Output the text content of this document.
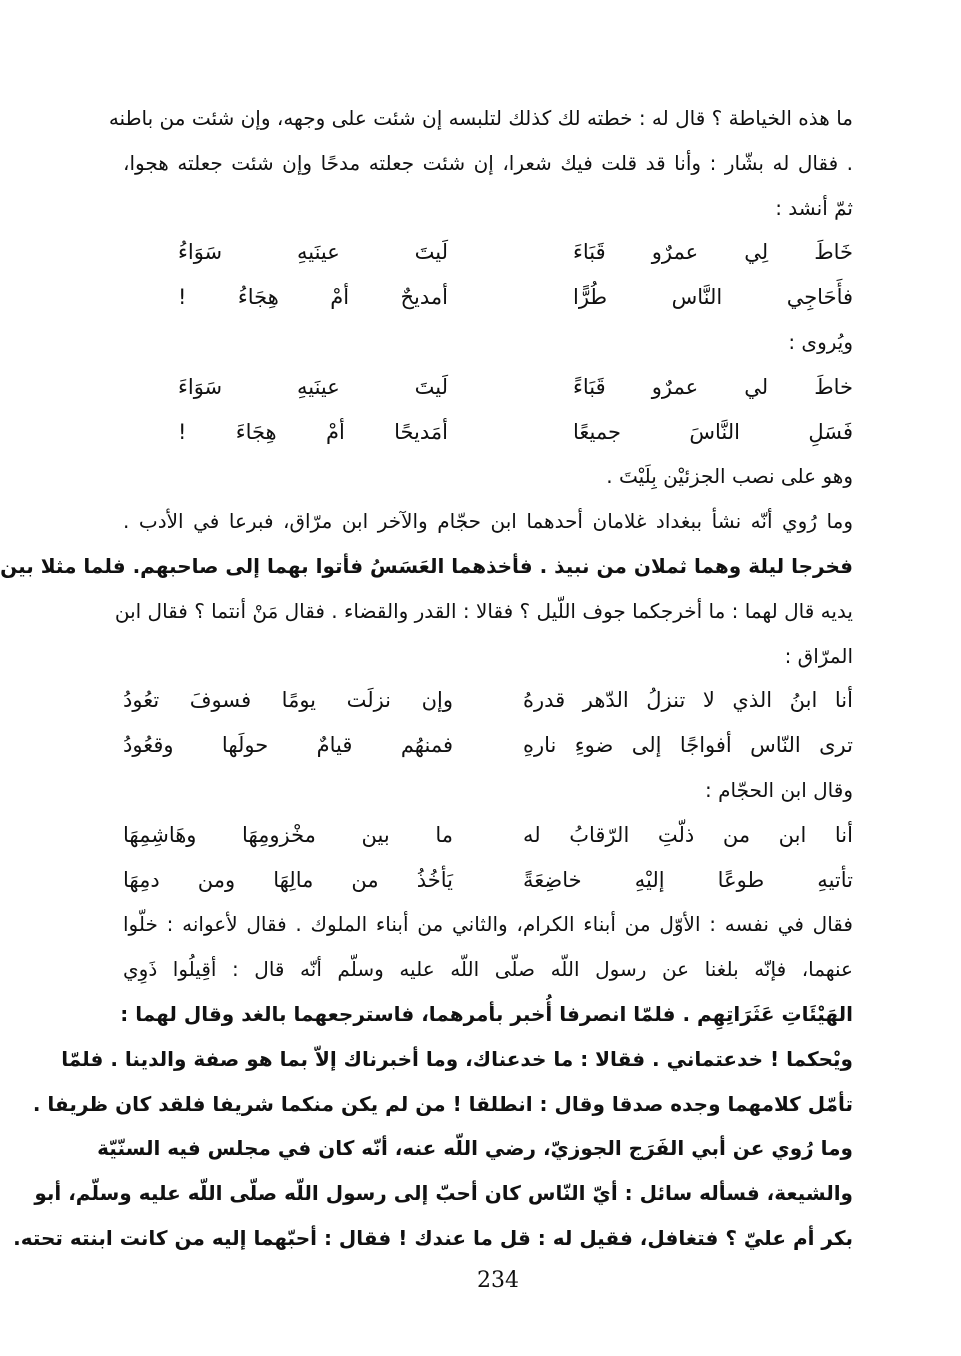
ما هذه الخياطة ؟ قال له : خطته لك كذلك لتلبسه إن شئت على وجهه، وإن شئت من باطنه
. فقال له بشّار : وأنا قد قلت فيك شعرا، إن شئت جعلته مدحًا وإن شئت جعلته هجوا،
ثمّ أنشد :
خَاطَ لِي عمرٌو قَبَاءَ
لَيتَ عينَيهِ سَوَاءُ
فأَحَاجِي النَّاس طُرًّا
أمديحٌ أمْ هِجَاءُ !
ويُروى :
خاطَ لي عمرٌو قَبَاءً
لَيتَ عينَيهِ سَوَاءَ
فَسَلِ النَّاسَ جميعًا
أمَديحًا أمْ هِجَاءَ !
وهو على نصب الجزئيْن بِلَيْتَ .
وما رُوي أنّه نشأ ببغداد غلامان أحدهما ابن حجّام والآخر ابن مرّاق، فبرعا في الأدب .
فخرجا ليلة وهما ثملان من نبيذ . فأخذهما العَسَسُ فأتوا بهما إلى صاحبهم. فلما مثلا بين
يديه قال لهما : ما أخرجكما جوف اللّيل ؟ فقالا : القدر والقضاء . فقال مَنْ أنتما ؟ فقال ابن
المرّاق :
أنا ابنُ الذي لا تنزلُ الدّهر قدرهُ
وإن نزلَت يومًا فسوفَ تعُودُ
ترى النّاس أفواجًا إلى ضوءِ نارهِ
فمنهُم قيامٌ حولَها وقعُودُ
وقال ابن الحجّام :
أنا ابن من ذلّتِ الرّقابُ له
ما بين مخْزومِهَا وهَاشِمِهَا
تأتيهِ طوعًا إليْهِ خاضِعَةً
يَأخُذُ من مالِهَا ومن دمِهَا
فقال في نفسه : الأوّل من أبناء الكرام، والثاني من أبناء الملوك . فقال لأعوانه : خلّوا
عنهما، فإنّه بلغنا عن رسول اللّه صلّى اللّه عليه وسلّم أنّه قال : أقِيلُوا ذَوِي
الهَيْئَاتِ عَثَرَاتِهِم . فلمّا انصرفا أُخبر بأمرهما، فاسترجعهما بالغد وقال لهما :
ويْحكما ! خدعتماني . فقالا : ما خدعناك، وما أخبرناك إلاّ بما هو صفة والدينا . فلمّا
تأمّل كلامهما وجده صدقا وقال : انطلقا ! من لم يكن منكما شريفا فلقد كان ظريفا .
وما رُوي عن أبي الفَرَج الجوزيّ، رضي اللّه عنه، أنّه كان في مجلس فيه السنّيّة
والشيعة، فسأله سائل : أيّ النّاس كان أحبّ إلى رسول اللّه صلّى اللّه عليه وسلّم، أبو
بكر أم عليّ ؟ فتغافل، فقيل له : قل ما عندك ! فقال : أحبّهما إليه من كانت ابنته تحته.
234
